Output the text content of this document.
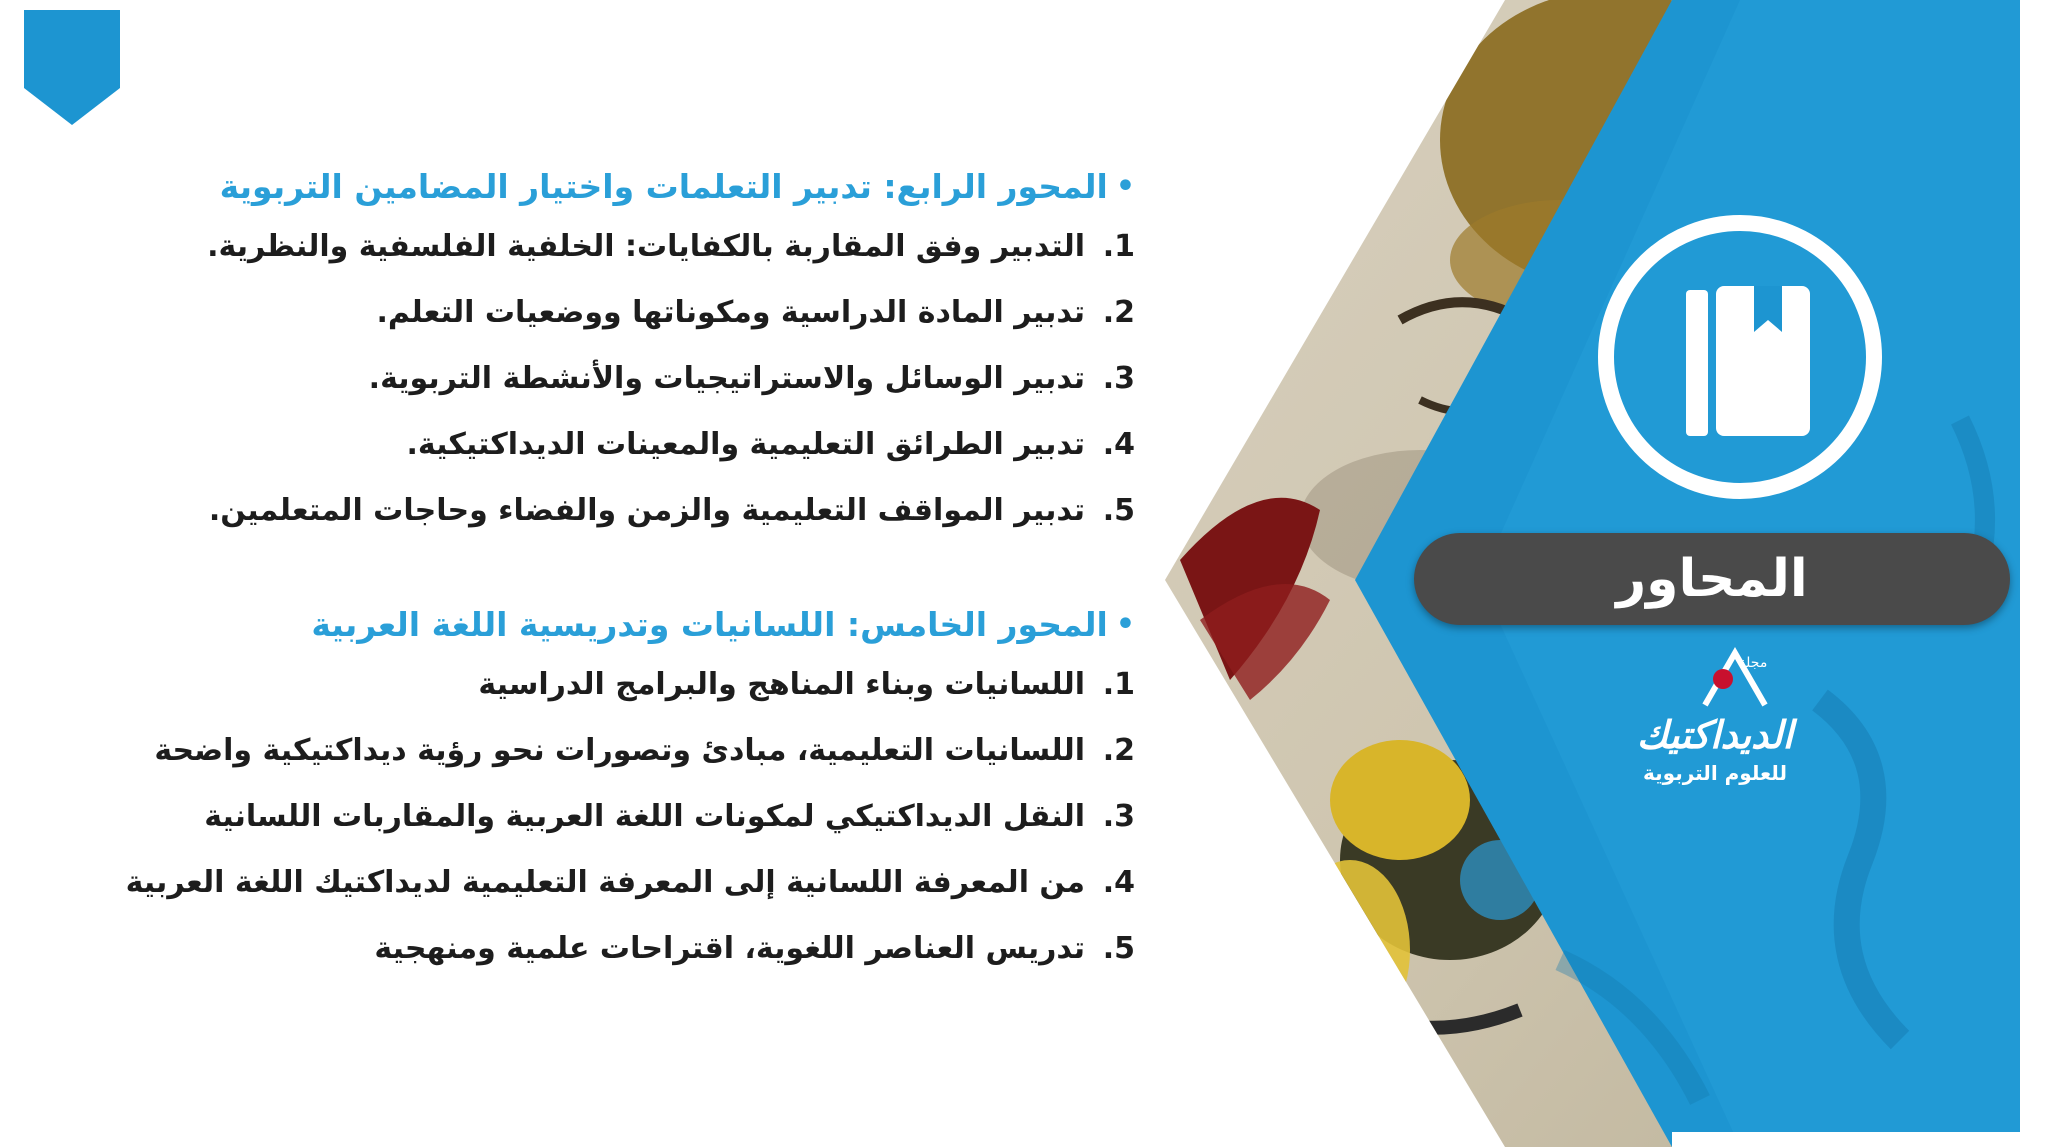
•
المحور الرابع: تدبير التعلمات واختيار المضامين التربوية
1.
التدبير وفق المقاربة بالكفايات: الخلفية الفلسفية والنظرية.
2.
تدبير المادة الدراسية ومكوناتها ووضعيات التعلم.
3.
تدبير الوسائل والاستراتيجيات والأنشطة التربوية.
4.
تدبير الطرائق التعليمية والمعينات الديداكتيكية.
5.
تدبير المواقف التعليمية والزمن والفضاء وحاجات المتعلمين.
•
المحور الخامس: اللسانيات وتدريسية اللغة العربية
1.
اللسانيات وبناء المناهج والبرامج الدراسية
2.
اللسانيات التعليمية، مبادئ وتصورات نحو رؤية ديداكتيكية واضحة
3.
النقل الديداكتيكي لمكونات اللغة العربية والمقاربات اللسانية
4.
من المعرفة اللسانية إلى المعرفة التعليمية لديداكتيك اللغة العربية
5.
تدريس العناصر اللغوية، اقتراحات علمية ومنهجية
المحاور
مجلة
الديداكتيك
للعلوم التربوية
